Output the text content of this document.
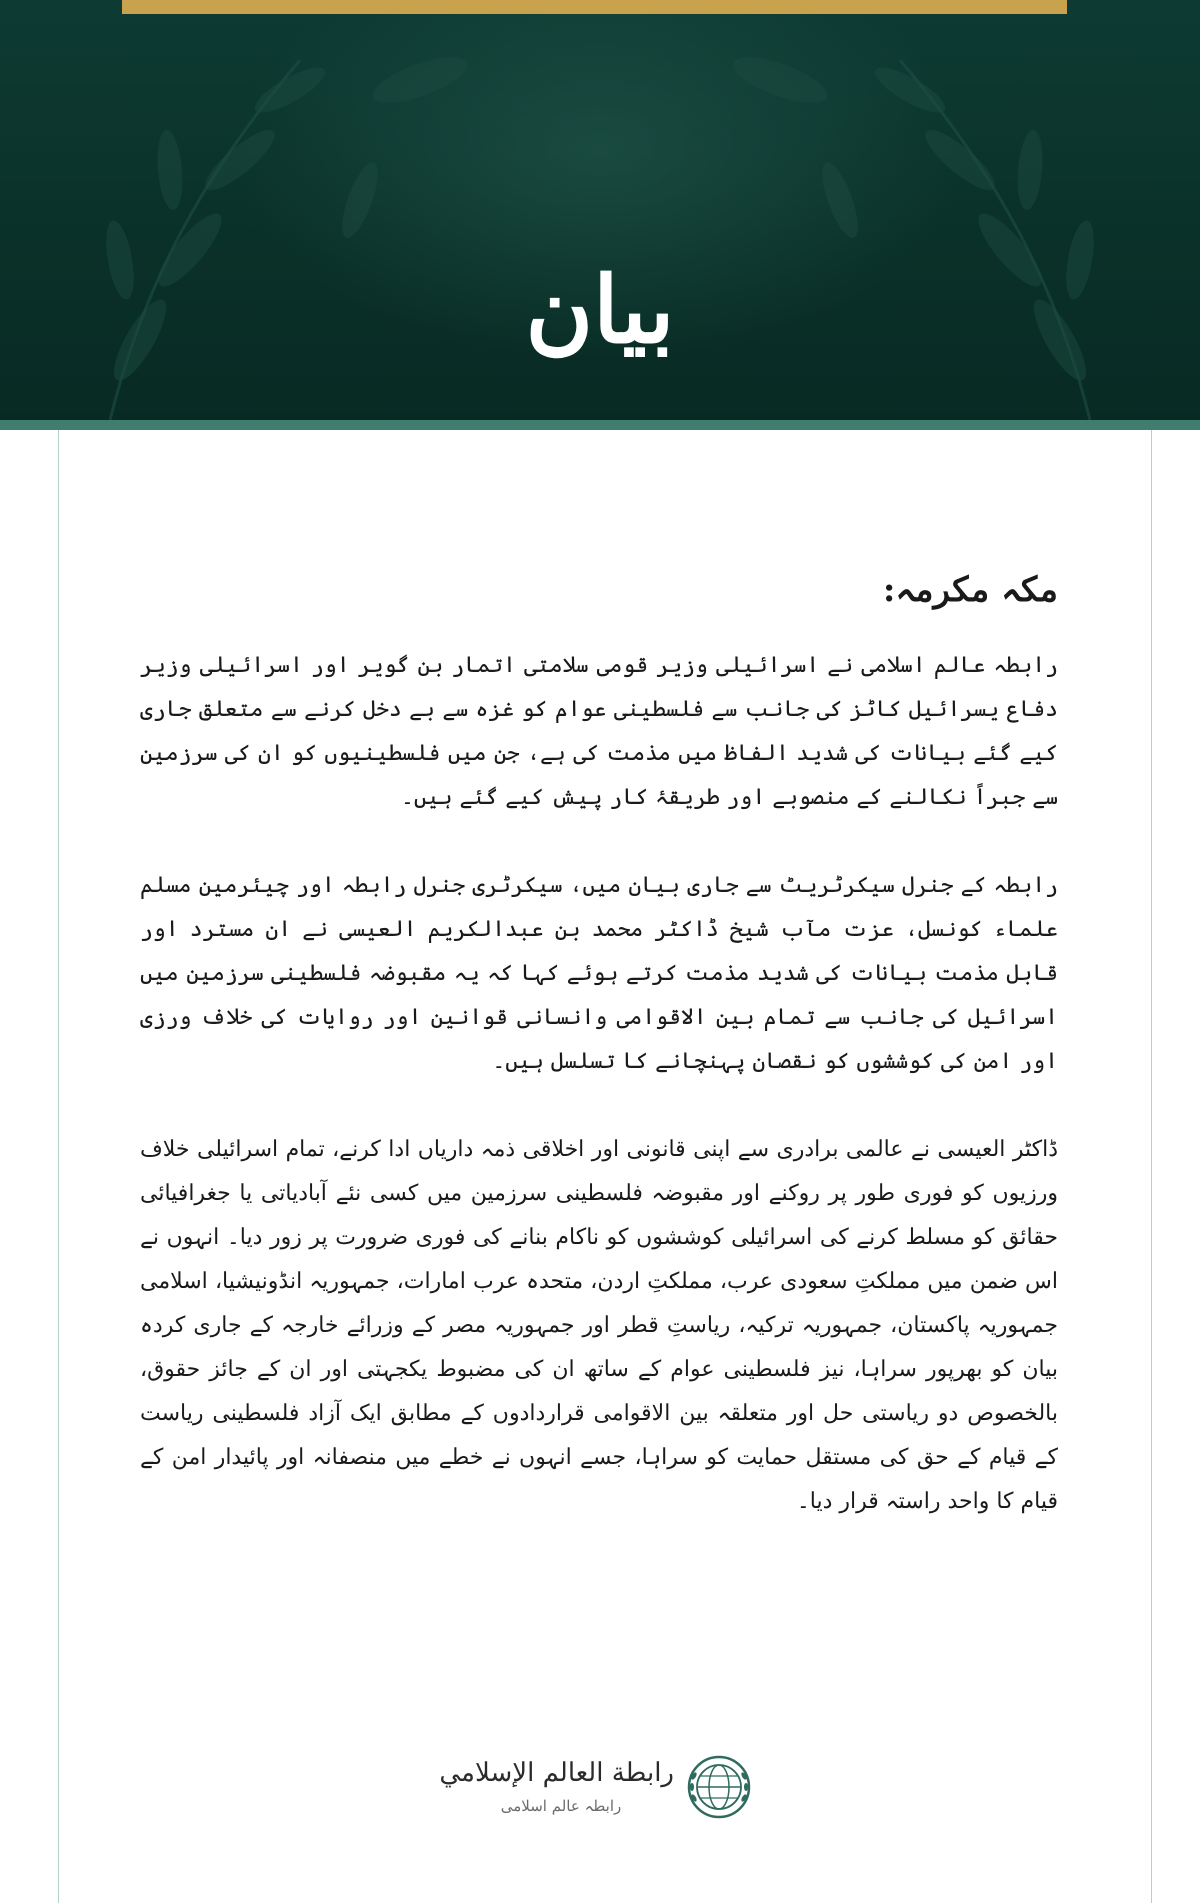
بیان
مکہ مکرمہ:

رابطہ عالم اسلامی نے اسرائیلی وزیر قومی سلامتی اتمار بن گویر اور اسرائیلی وزیر دفاع یسرائیل کاٹز کی جانب سے فلسطینی عوام کو غزہ سے بے دخل کرنے سے متعلق جاری کیے گئے بیانات کی شدید الفاظ میں مذمت کی ہے، جن میں فلسطینیوں کو ان کی سرزمین سے جبراً نکالنے کے منصوبے اور طریقۂ کار پیش کیے گئے ہیں۔

رابطہ کے جنرل سیکرٹریٹ سے جاری بیان میں، سیکرٹری جنرل رابطہ اور چیئرمین مسلم علماء کونسل، عزت مآب شیخ ڈاکٹر محمد بن عبدالکریم العیسی نے ان مسترد اور قابل مذمت بیانات کی شدید مذمت کرتے ہوئے کہا کہ یہ مقبوضہ فلسطینی سرزمین میں اسرائیل کی جانب سے تمام بین الاقوامی وانسانی قوانین اور روایات کی خلاف ورزی اور امن کی کوششوں کو نقصان پہنچانے کا تسلسل ہیں۔

ڈاکٹر العیسی نے عالمی برادری سے اپنی قانونی اور اخلاقی ذمہ داریاں ادا کرنے، تمام اسرائیلی خلاف ورزیوں کو فوری طور پر روکنے اور مقبوضہ فلسطینی سرزمین میں کسی نئے آبادیاتی یا جغرافیائی حقائق کو مسلط کرنے کی اسرائیلی کوششوں کو ناکام بنانے کی فوری ضرورت پر زور دیا۔ انہوں نے اس ضمن میں مملکتِ سعودی عرب، مملکتِ اردن، متحدہ عرب امارات، جمہوریہ انڈونیشیا، اسلامی جمہوریہ پاکستان، جمہوریہ ترکیہ، ریاستِ قطر اور جمہوریہ مصر کے وزرائے خارجہ کے جاری کردہ بیان کو بھرپور سراہا، نیز فلسطینی عوام کے ساتھ ان کی مضبوط یکجہتی اور ان کے جائز حقوق، بالخصوص دو ریاستی حل اور متعلقہ بین الاقوامی قراردادوں کے مطابق ایک آزاد فلسطینی ریاست کے قیام کے حق کی مستقل حمایت کو سراہا، جسے انہوں نے خطے میں منصفانہ اور پائیدار امن کے قیام کا واحد راستہ قرار دیا۔

رابطة العالم الإسلامي
رابطہ عالم اسلامی
